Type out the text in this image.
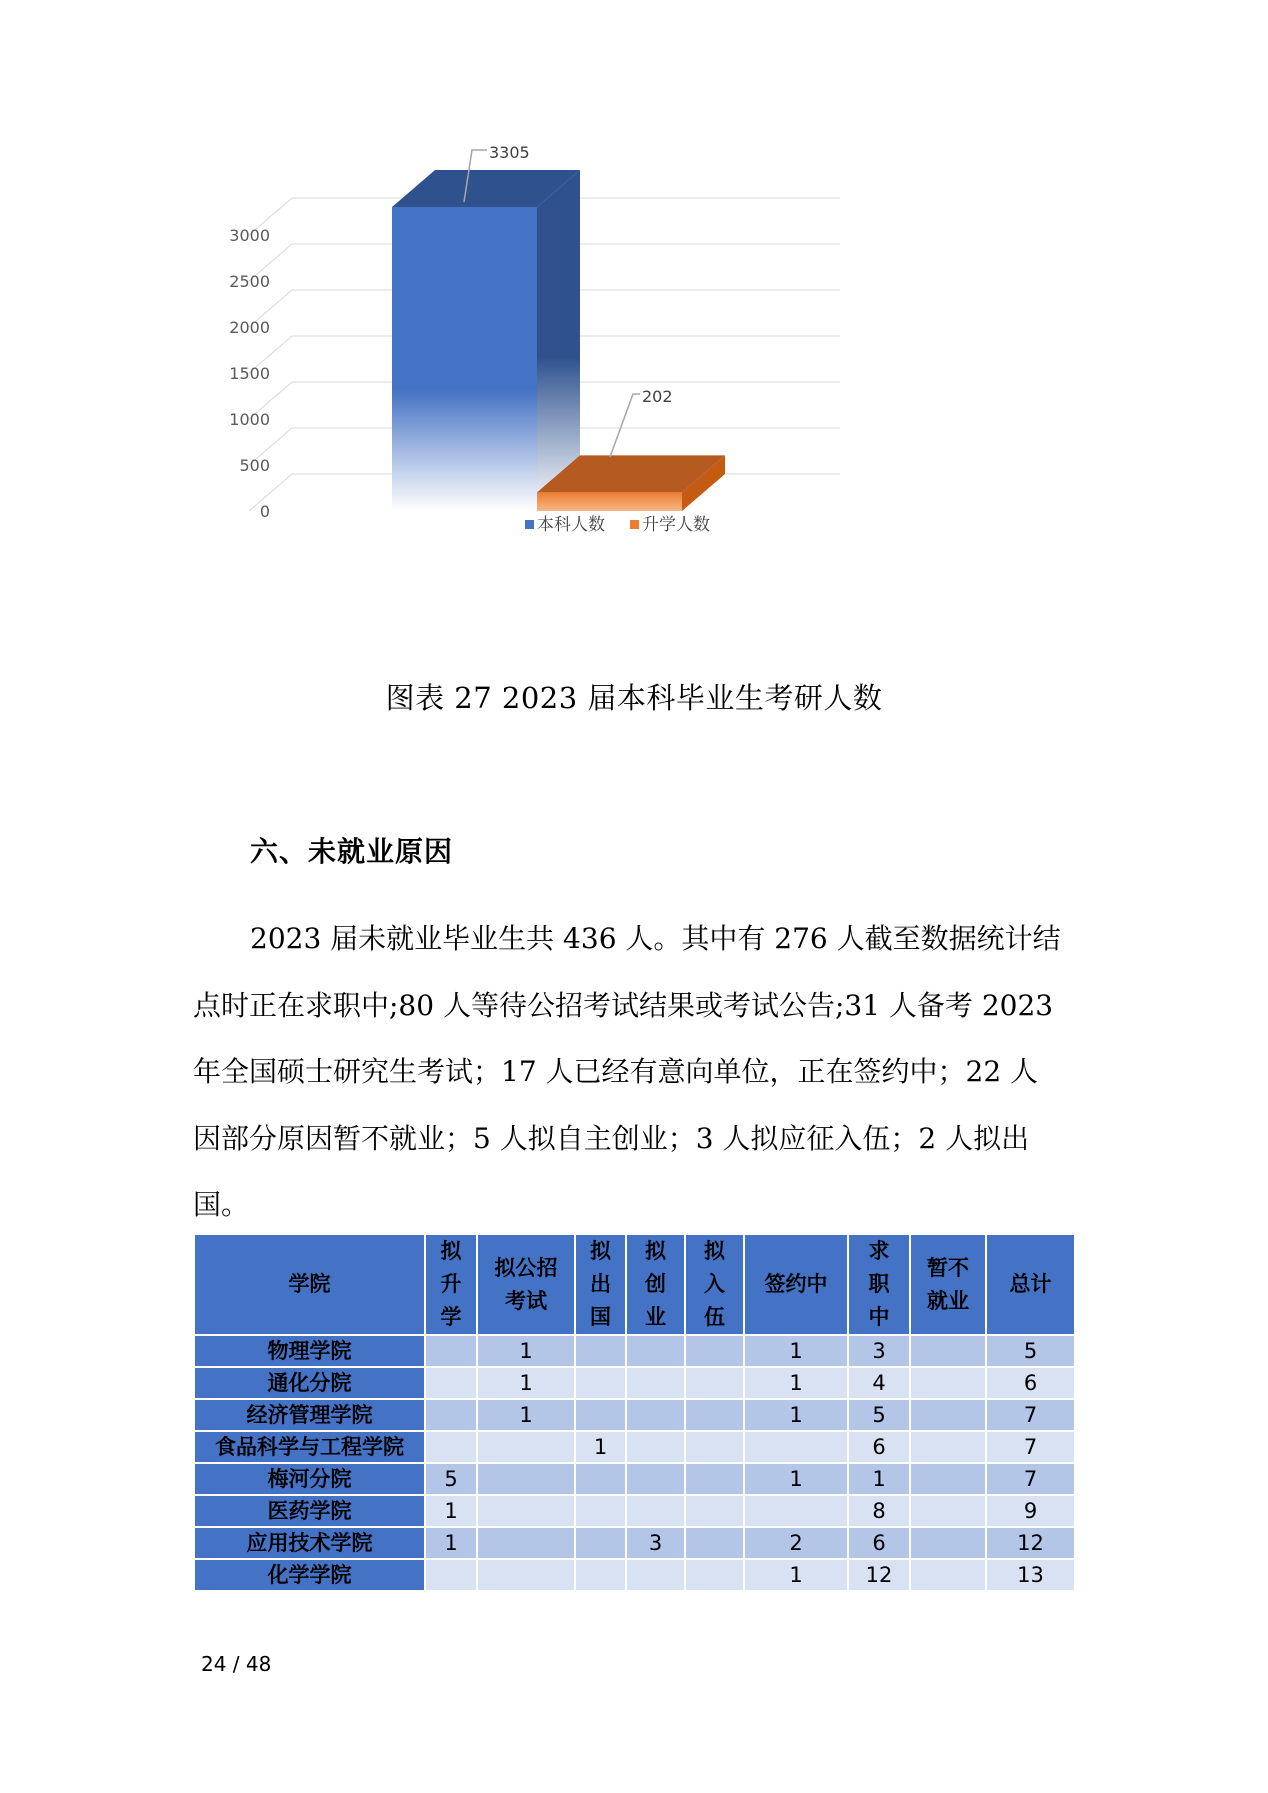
0
500
1000
1500
2000
2500
3000
3305
202
本科人数 升学人数
图表 27 2023 届本科毕业生考研人数
六、未就业原因
2023 届未就业毕业生共 436 人。其中有 276 人截至数据统计结
点时正在求职中;80 人等待公招考试结果或考试公告;31 人备考 2023
年全国硕士研究生考试；17 人已经有意向单位，正在签约中；22 人
因部分原因暂不就业；5 人拟自主创业；3 人拟应征入伍；2 人拟出
国。
学院	拟升学	拟公招考试	拟出国	拟创业	拟入伍	签约中	求职中	暂不就业	总计
物理学院		1				1	3		5
通化分院		1				1	4		6
经济管理学院		1				1	5		7
食品科学与工程学院			1				6		7
梅河分院	5					1	1		7
医药学院	1						8		9
应用技术学院	1			3		2	6		12
化学学院						1	12		13
24 / 48
